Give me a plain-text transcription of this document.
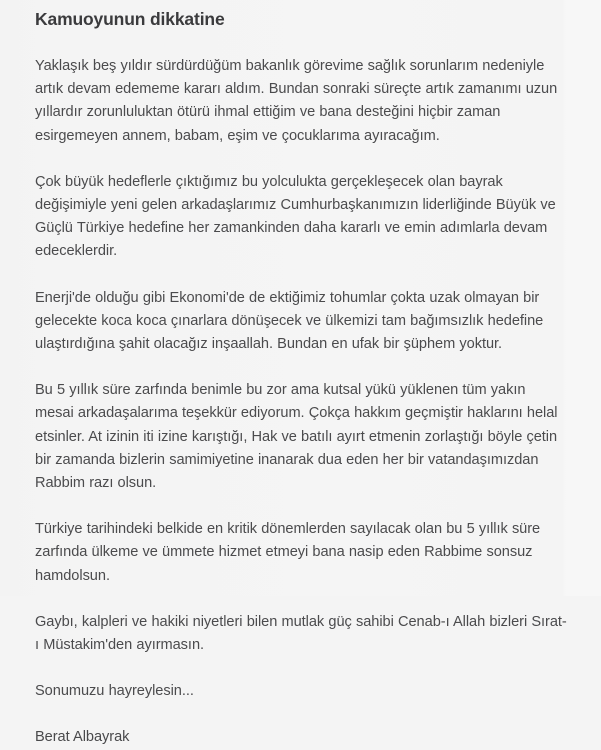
Kamuoyunun dikkatine

Yaklaşık beş yıldır sürdürdüğüm bakanlık görevime sağlık sorunlarım nedeniyle artık devam edememe kararı aldım. Bundan sonraki süreçte artık zamanımı uzun yıllardır zorunluluktan ötürü ihmal ettiğim ve bana desteğini hiçbir zaman esirgemeyen annem, babam, eşim ve çocuklarıma ayıracağım.

Çok büyük hedeflerle çıktığımız bu yolculukta gerçekleşecek olan bayrak değişimiyle yeni gelen arkadaşlarımız Cumhurbaşkanımızın liderliğinde Büyük ve Güçlü Türkiye hedefine her zamankinden daha kararlı ve emin adımlarla devam edeceklerdir.

Enerji'de olduğu gibi Ekonomi'de de ektiğimiz tohumlar çokta uzak olmayan bir gelecekte koca koca çınarlara dönüşecek ve ülkemizi tam bağımsızlık hedefine ulaştırdığına şahit olacağız inşaallah. Bundan en ufak bir şüphem yoktur.

Bu 5 yıllık süre zarfında benimle bu zor ama kutsal yükü yüklenen tüm yakın mesai arkadaşalarıma teşekkür ediyorum. Çokça hakkım geçmiştir haklarını helal etsinler. At izinin iti izine karıştığı, Hak ve batılı ayırt etmenin zorlaştığı böyle çetin bir zamanda bizlerin samimiyetine inanarak dua eden her bir vatandaşımızdan Rabbim razı olsun.

Türkiye tarihindeki belkide en kritik dönemlerden sayılacak olan bu 5 yıllık süre zarfında ülkeme ve ümmete hizmet etmeyi bana nasip eden Rabbime sonsuz hamdolsun.

Gaybı, kalpleri ve hakiki niyetleri bilen mutlak güç sahibi Cenab-ı Allah bizleri Sırat-ı Müstakim'den ayırmasın.

Sonumuzu hayreylesin...

Berat Albayrak
